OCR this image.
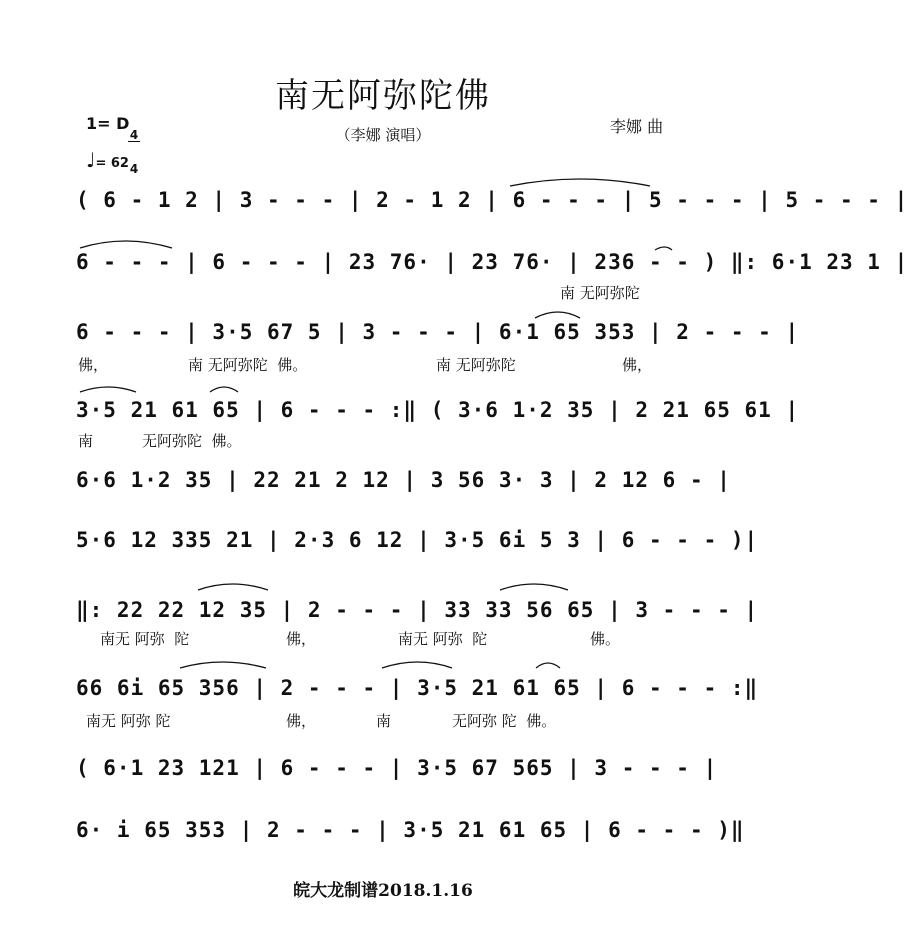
南无阿弥陀佛
（李娜 演唱）	李娜 曲
1= D

4

4

♩= 62
( 6 - 1 2 | 3 - - - | 2 - 1 2 | 6 - - - | 5 - - - | 5 - - - |
6 - - - | 6 - - - | 23 76· | 23 76· | 236 - - ) ‖: 6·1 23 1 |
南 无阿弥陀
6 - - - | 3·5 67 5 | 3 - - - | 6·1 65 353 | 2 - - - |
佛，	南 无阿弥陀  佛。	南 无阿弥陀	佛，
3·5 21 61 65 | 6 - - - :‖ ( 3·6 1·2 35 | 2 21 65 61 |
南	无阿弥陀  佛。
6·6 1·2 35 | 22 21 2 12 | 3 56 3· 3 | 2 12 6 - |
5·6 12 335 21 | 2·3 6 12 | 3·5 6i 5 3 | 6 - - - )|
‖: 22 22 12 35 | 2 - - - | 33 33 56 65 | 3 - - - |
南无 阿弥  陀	佛，	南无 阿弥  陀	佛。
66 6i 65 356 | 2 - - - | 3·5 21 61 65 | 6 - - - :‖
南无 阿弥 陀	佛，	南	无阿弥 陀  佛。
( 6·1 23 121 | 6 - - - | 3·5 67 565 | 3 - - - |
6· i 65 353 | 2 - - - | 3·5 21 61 65 | 6 - - - )‖
皖大龙制谱2018.1.16
